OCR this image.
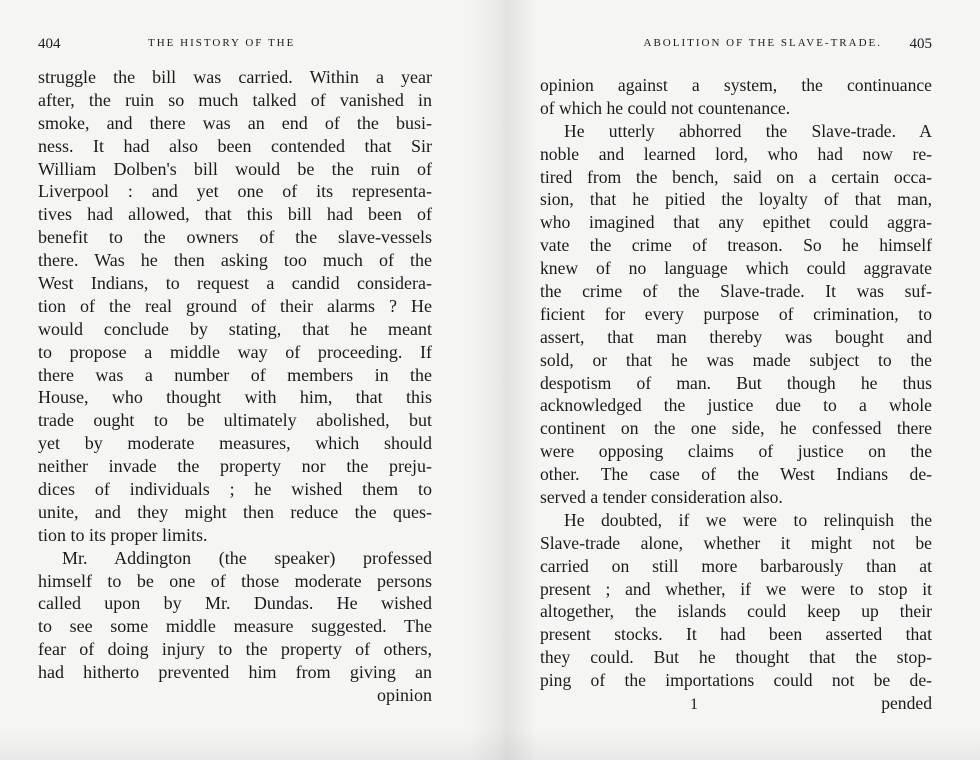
404	THE HISTORY OF THE
struggle the bill was carried. Within a year
after, the ruin so much talked of vanished in
smoke, and there was an end of the busi-
ness. It had also been contended that Sir
William Dolben's bill would be the ruin of
Liverpool : and yet one of its representa-
tives had allowed, that this bill had been of
benefit to the owners of the slave-vessels
there. Was he then asking too much of the
West Indians, to request a candid considera-
tion of the real ground of their alarms ? He
would conclude by stating, that he meant
to propose a middle way of proceeding. If
there was a number of members in the
House, who thought with him, that this
trade ought to be ultimately abolished, but
yet by moderate measures, which should
neither invade the property nor the preju-
dices of individuals ; he wished them to
unite, and they might then reduce the ques-
tion to its proper limits.
Mr. Addington (the speaker) professed
himself to be one of those moderate persons
called upon by Mr. Dundas. He wished
to see some middle measure suggested. The
fear of doing injury to the property of others,
had hitherto prevented him from giving an
opinion
ABOLITION OF THE SLAVE-TRADE. 405
opinion against a system, the continuance
of which he could not countenance.
He utterly abhorred the Slave-trade. A
noble and learned lord, who had now re-
tired from the bench, said on a certain occa-
sion, that he pitied the loyalty of that man,
who imagined that any epithet could aggra-
vate the crime of treason. So he himself
knew of no language which could aggravate
the crime of the Slave-trade. It was suf-
ficient for every purpose of crimination, to
assert, that man thereby was bought and
sold, or that he was made subject to the
despotism of man. But though he thus
acknowledged the justice due to a whole
continent on the one side, he confessed there
were opposing claims of justice on the
other. The case of the West Indians de-
served a tender consideration also.
He doubted, if we were to relinquish the
Slave-trade alone, whether it might not be
carried on still more barbarously than at
present ; and whether, if we were to stop it
altogether, the islands could keep up their
present stocks. It had been asserted that
they could. But he thought that the stop-
ping of the importations could not be de-
pended
1
